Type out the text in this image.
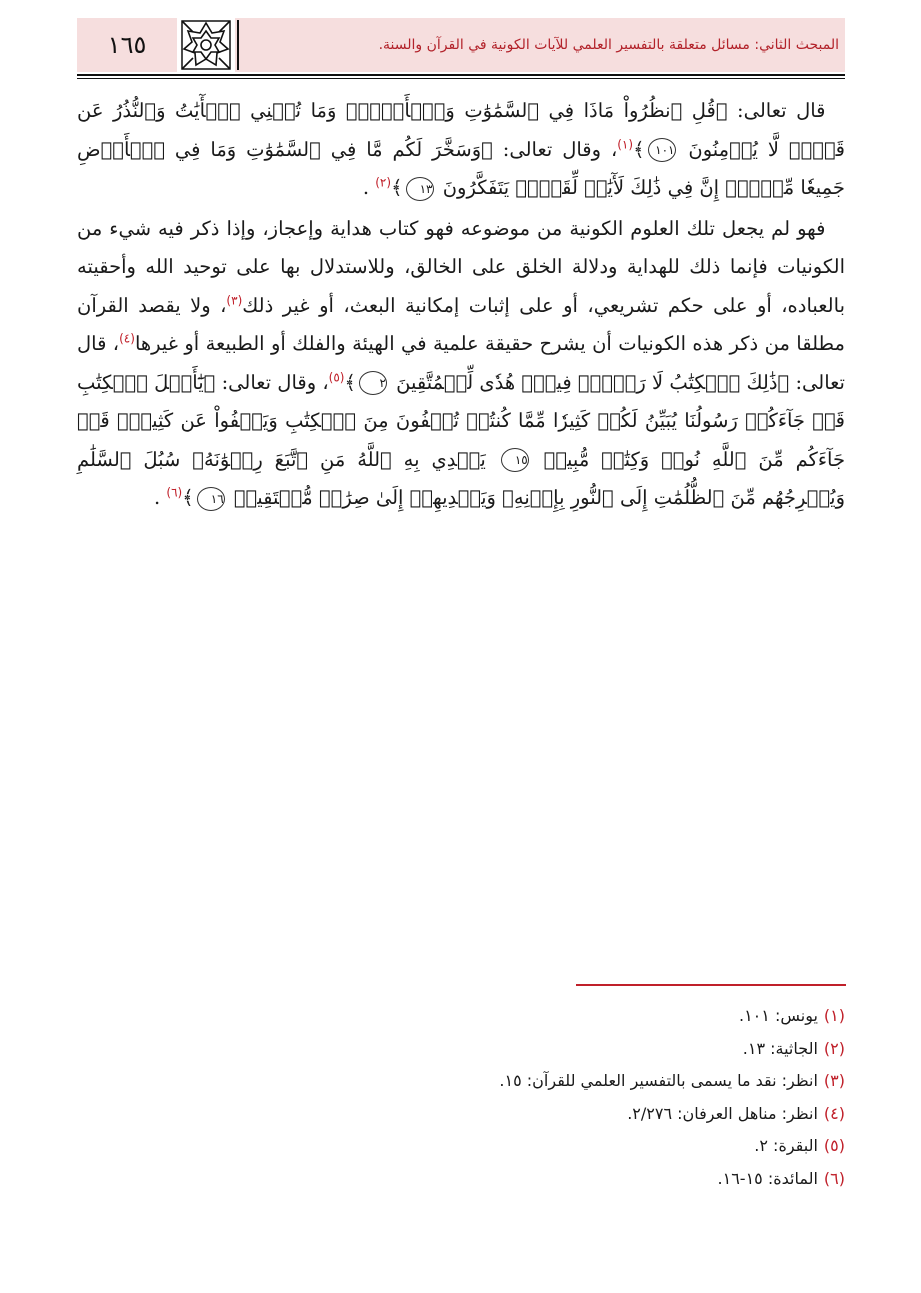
١٦٥	المبحث الثاني: مسائل متعلقة بالتفسير العلمي للآيات الكونية في القرآن والسنة.

 قال تعالى: ﴿قُلِ ٱنظُرُواْ مَاذَا فِي ٱلسَّمَٰوَٰتِ وَٱلۡأَرۡضِۚ وَمَا تُغۡنِي ٱلۡأٓيَٰتُ وَٱلنُّذُرُ عَن قَوۡمٖ لَّا يُؤۡمِنُونَ ١٠١﴾$^{(١)}$، وقال تعالى: ﴿وَسَخَّرَ لَكُم مَّا فِي ٱلسَّمَٰوَٰتِ وَمَا فِي ٱلۡأَرۡضِ جَمِيعٗا مِّنۡهُۚ إِنَّ فِي ذَٰلِكَ لَأٓيَٰتٖ لِّقَوۡمٖ يَتَفَكَّرُونَ ١٣﴾$^{(٢)}$ .

 فهو لم يجعل تلك العلوم الكونية من موضوعه فهو كتاب هداية وإعجاز، وإذا ذكر فيه شيء من الكونيات فإنما ذلك للهداية ودلالة الخلق على الخالق، وللاستدلال بها على توحيد الله وأحقيته بالعباده، أو على حكم تشريعي، أو على إثبات إمكانية البعث، أو غير ذلك$^{(٣)}$، ولا يقصد القرآن مطلقا من ذكر هذه الكونيات أن يشرح حقيقة علمية في الهيئة والفلك أو الطبيعة أو غيرها$^{(٤)}$، قال تعالى: ﴿ذَٰلِكَ ٱلۡكِتَٰبُ لَا رَيۡبَۛ فِيهِۛ هُدٗى لِّلۡمُتَّقِينَ ٢﴾$^{(٥)}$، وقال تعالى: ﴿يَٰٓأَهۡلَ ٱلۡكِتَٰبِ قَدۡ جَآءَكُمۡ رَسُولُنَا يُبَيِّنُ لَكُمۡ كَثِيرٗا مِّمَّا كُنتُمۡ تُخۡفُونَ مِنَ ٱلۡكِتَٰبِ وَيَعۡفُواْ عَن كَثِيرٖۚ قَدۡ جَآءَكُم مِّنَ ٱللَّهِ نُورٞ وَكِتَٰبٞ مُّبِينٞ ١٥ يَهۡدِي بِهِ ٱللَّهُ مَنِ ٱتَّبَعَ رِضۡوَٰنَهُۥ سُبُلَ ٱلسَّلَٰمِ وَيُخۡرِجُهُم مِّنَ ٱلظُّلُمَٰتِ إِلَى ٱلنُّورِ بِإِذۡنِهِۦ وَيَهۡدِيهِمۡ إِلَىٰ صِرَٰطٖ مُّسۡتَقِيمٖ ١٦﴾$^{(٦)}$ .

(١)يونس: ١٠١.
(٢)الجاثية: ١٣.
(٣)انظر: نقد ما يسمى بالتفسير العلمي للقرآن: ١٥.
(٤)انظر: مناهل العرفان: ٢/٢٧٦.
(٥)البقرة: ٢.
(٦)المائدة: ١٥-١٦.
